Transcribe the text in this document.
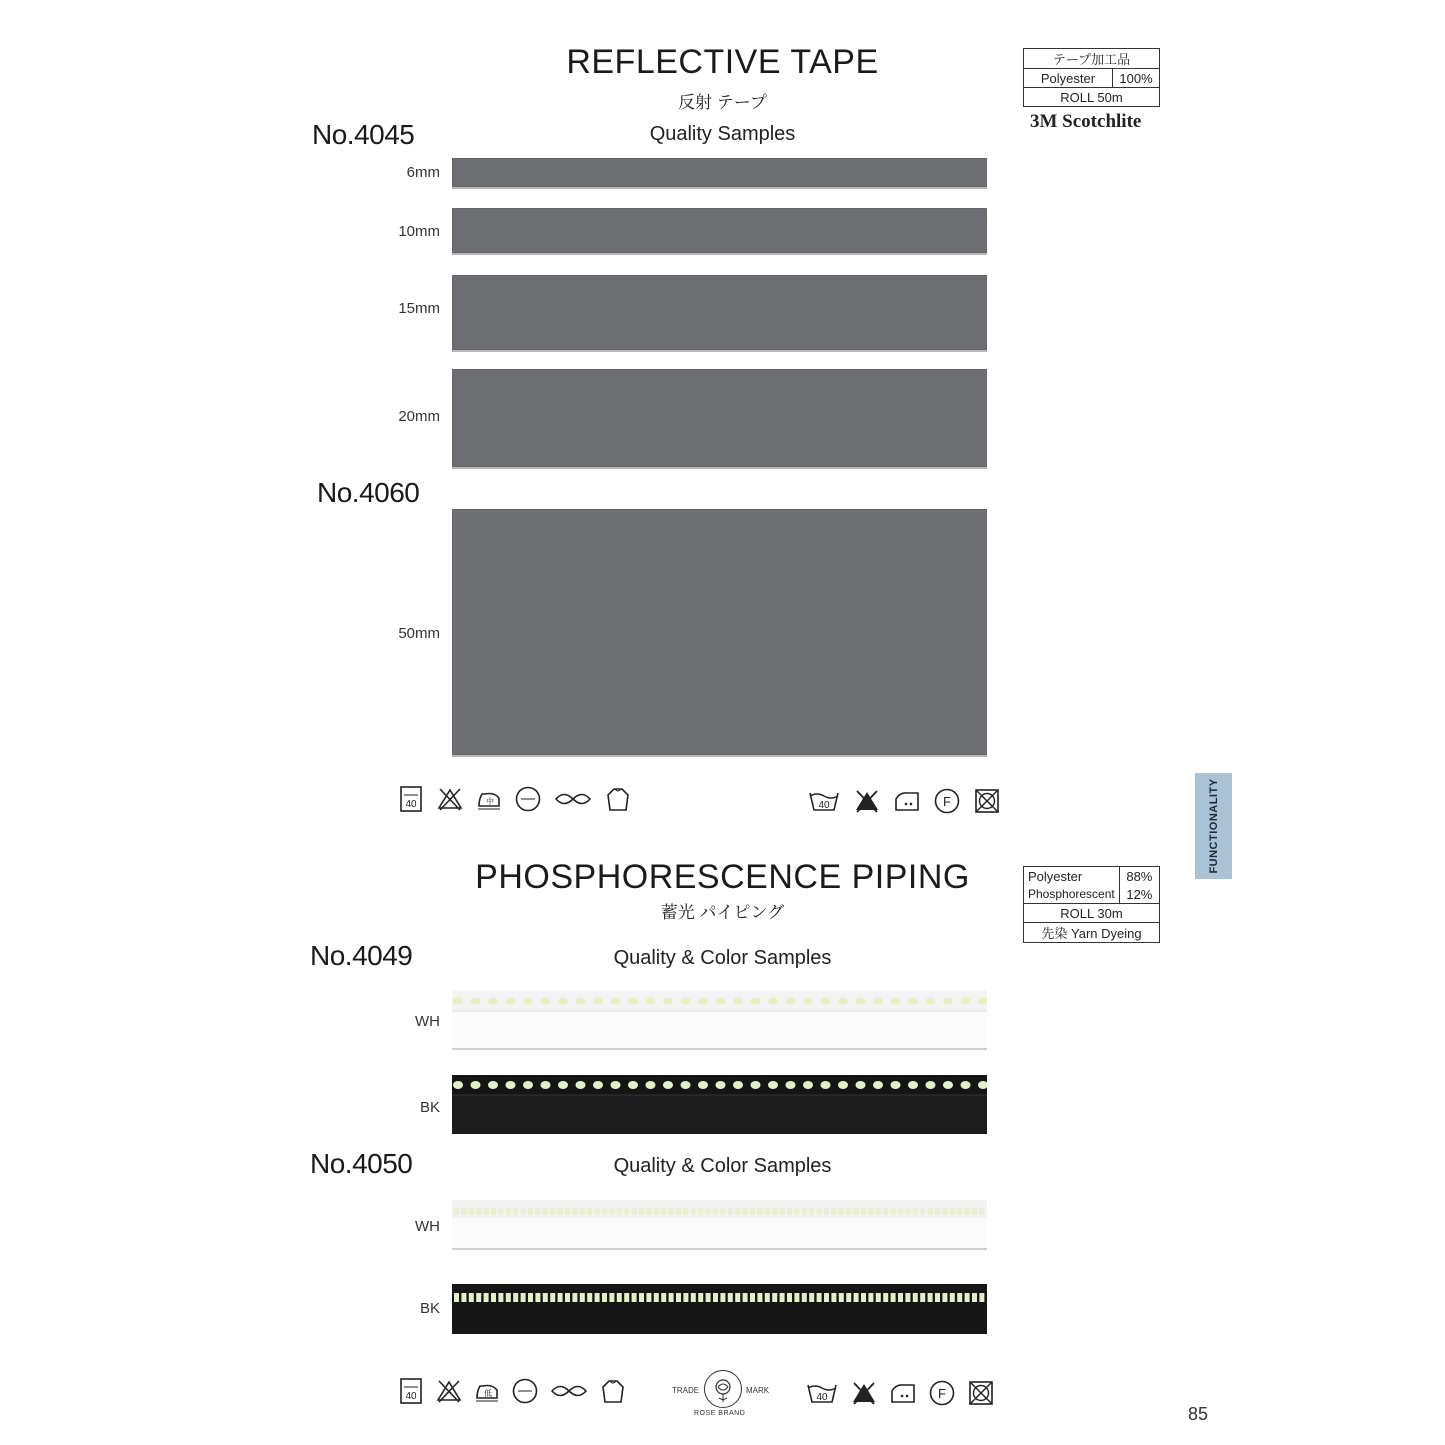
REFLECTIVE TAPE
反射 テープ
テープ加工品
Polyester	100%
ROLL 50m
3M Scotchlite
No.4045	Quality Samples
6mm
10mm
15mm
20mm
No.4060
50mm
40	中	40	F	FUNCTIONALITY
PHOSPHORESCENCE PIPING
蓄光 パイピング
Polyester	88%
Phosphorescent	12%
ROLL 30m	
先染 Yarn Dyeing	
No.4049	Quality & Color Samples
WH
BK
No.4050	Quality & Color Samples
WH
BK
40	低	TRADE	MARK
ROSE BRAND
40	F
85
